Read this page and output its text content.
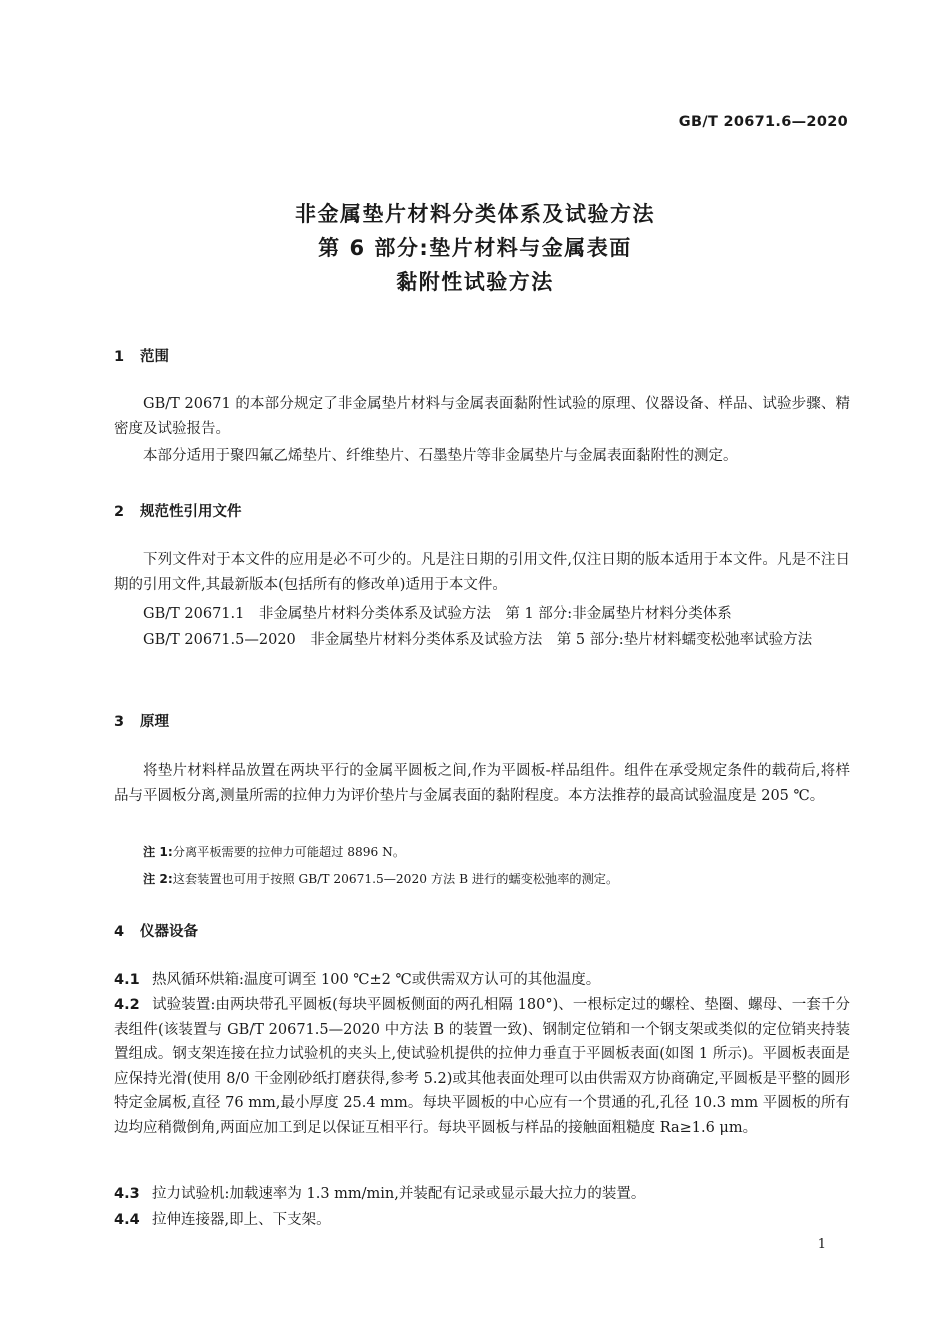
GB/T 20671.6—2020
非金属垫片材料分类体系及试验方法
第 6 部分:垫片材料与金属表面
黏附性试验方法
1 范围

GB/T 20671 的本部分规定了非金属垫片材料与金属表面黏附性试验的原理、仪器设备、样品、试验步骤、精密度及试验报告。

本部分适用于聚四氟乙烯垫片、纤维垫片、石墨垫片等非金属垫片与金属表面黏附性的测定。

2 规范性引用文件

下列文件对于本文件的应用是必不可少的。凡是注日期的引用文件,仅注日期的版本适用于本文件。凡是不注日期的引用文件,其最新版本(包括所有的修改单)适用于本文件。

GB/T 20671.1　非金属垫片材料分类体系及试验方法　第 1 部分:非金属垫片材料分类体系

GB/T 20671.5—2020　非金属垫片材料分类体系及试验方法　第 5 部分:垫片材料蠕变松弛率试验方法

3 原理

将垫片材料样品放置在两块平行的金属平圆板之间,作为平圆板-样品组件。组件在承受规定条件的载荷后,将样品与平圆板分离,测量所需的拉伸力为评价垫片与金属表面的黏附程度。本方法推荐的最高试验温度是 205 ℃。

注 1:分离平板需要的拉伸力可能超过 8896 N。
注 2:这套装置也可用于按照 GB/T 20671.5—2020 方法 B 进行的蠕变松弛率的测定。
4 仪器设备

4.1 热风循环烘箱:温度可调至 100 ℃±2 ℃或供需双方认可的其他温度。

4.2 试验装置:由两块带孔平圆板(每块平圆板侧面的两孔相隔 180°)、一根标定过的螺栓、垫圈、螺母、一套千分表组件(该装置与 GB/T 20671.5—2020 中方法 B 的装置一致)、钢制定位销和一个钢支架或类似的定位销夹持装置组成。钢支架连接在拉力试验机的夹头上,使试验机提供的拉伸力垂直于平圆板表面(如图 1 所示)。平圆板表面是应保持光滑(使用 8/0 干金刚砂纸打磨获得,参考 5.2)或其他表面处理可以由供需双方协商确定,平圆板是平整的圆形特定金属板,直径 76 mm,最小厚度 25.4 mm。每块平圆板的中心应有一个贯通的孔,孔径 10.3 mm 平圆板的所有边均应稍微倒角,两面应加工到足以保证互相平行。每块平圆板与样品的接触面粗糙度 Ra≥1.6 μm。

4.3 拉力试验机:加载速率为 1.3 mm/min,并装配有记录或显示最大拉力的装置。

4.4 拉伸连接器,即上、下支架。

1
